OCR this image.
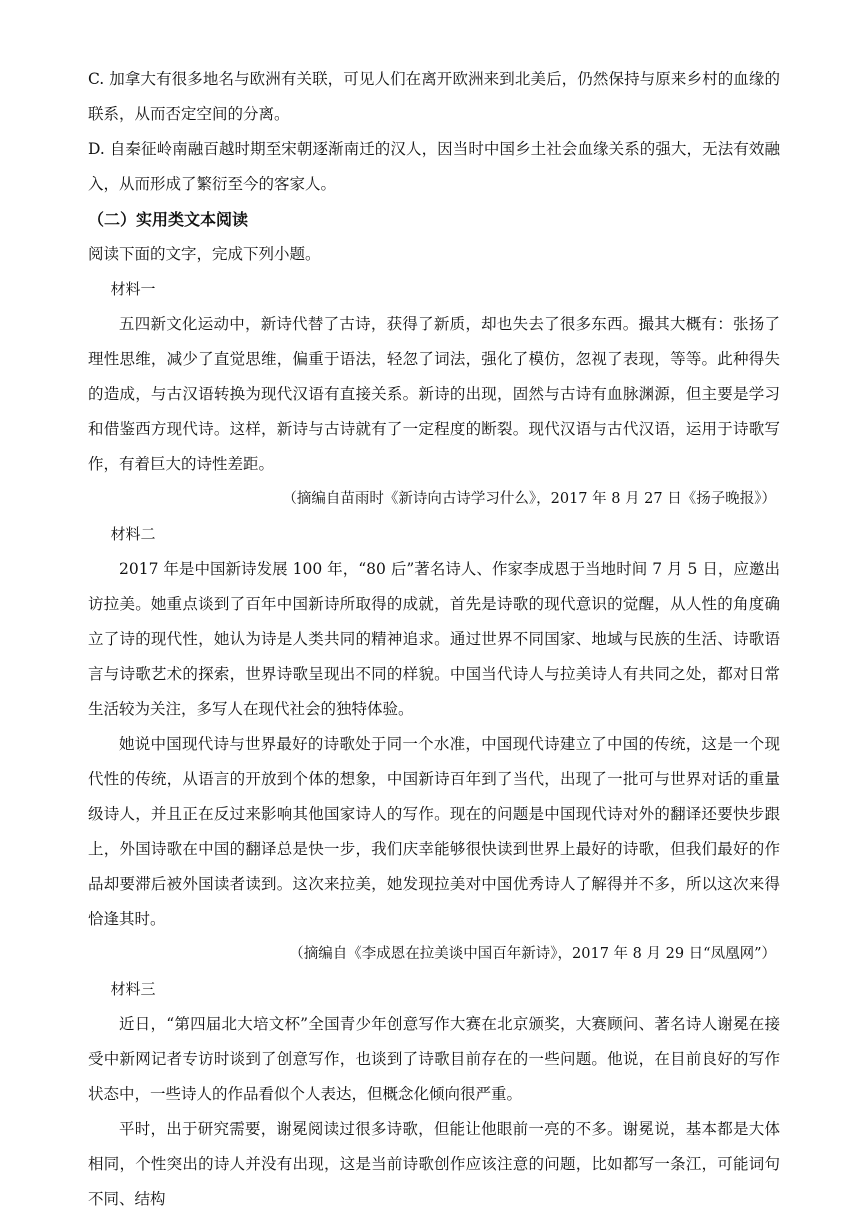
C. 加拿大有很多地名与欧洲有关联，可见人们在离开欧洲来到北美后，仍然保持与原来乡村的血缘的联系，从而否定空间的分离。

D. 自秦征岭南融百越时期至宋朝逐渐南迁的汉人，因当时中国乡土社会血缘关系的强大，无法有效融入，从而形成了繁衍至今的客家人。

（二）实用类文本阅读

阅读下面的文字，完成下列小题。

材料一

五四新文化运动中，新诗代替了古诗，获得了新质，却也失去了很多东西。撮其大概有：张扬了理性思维，减少了直觉思维，偏重于语法，轻忽了词法，强化了模仿，忽视了表现，等等。此种得失的造成，与古汉语转换为现代汉语有直接关系。新诗的出现，固然与古诗有血脉渊源，但主要是学习和借鉴西方现代诗。这样，新诗与古诗就有了一定程度的断裂。现代汉语与古代汉语，运用于诗歌写作，有着巨大的诗性差距。

（摘编自苗雨时《新诗向古诗学习什么》，2017 年 8 月 27 日《扬子晚报》）

材料二

2017 年是中国新诗发展 100 年，“80 后”著名诗人、作家李成恩于当地时间 7 月 5 日，应邀出访拉美。她重点谈到了百年中国新诗所取得的成就，首先是诗歌的现代意识的觉醒，从人性的角度确立了诗的现代性，她认为诗是人类共同的精神追求。通过世界不同国家、地域与民族的生活、诗歌语言与诗歌艺术的探索，世界诗歌呈现出不同的样貌。中国当代诗人与拉美诗人有共同之处，都对日常生活较为关注，多写人在现代社会的独特体验。

她说中国现代诗与世界最好的诗歌处于同一个水准，中国现代诗建立了中国的传统，这是一个现代性的传统，从语言的开放到个体的想象，中国新诗百年到了当代，出现了一批可与世界对话的重量级诗人，并且正在反过来影响其他国家诗人的写作。现在的问题是中国现代诗对外的翻译还要快步跟上，外国诗歌在中国的翻译总是快一步，我们庆幸能够很快读到世界上最好的诗歌，但我们最好的作品却要滞后被外国读者读到。这次来拉美，她发现拉美对中国优秀诗人了解得并不多，所以这次来得恰逢其时。

（摘编自《李成恩在拉美谈中国百年新诗》，2017 年 8 月 29 日“凤凰网”）

材料三

近日，“第四届北大培文杯”全国青少年创意写作大赛在北京颁奖，大赛顾问、著名诗人谢冕在接受中新网记者专访时谈到了创意写作，也谈到了诗歌目前存在的一些问题。他说，在目前良好的写作状态中，一些诗人的作品看似个人表达，但概念化倾向很严重。

平时，出于研究需要，谢冕阅读过很多诗歌，但能让他眼前一亮的不多。谢冕说，基本都是大体相同，个性突出的诗人并没有出现，这是当前诗歌创作应该注意的问题，比如都写一条江，可能词句不同、结构
